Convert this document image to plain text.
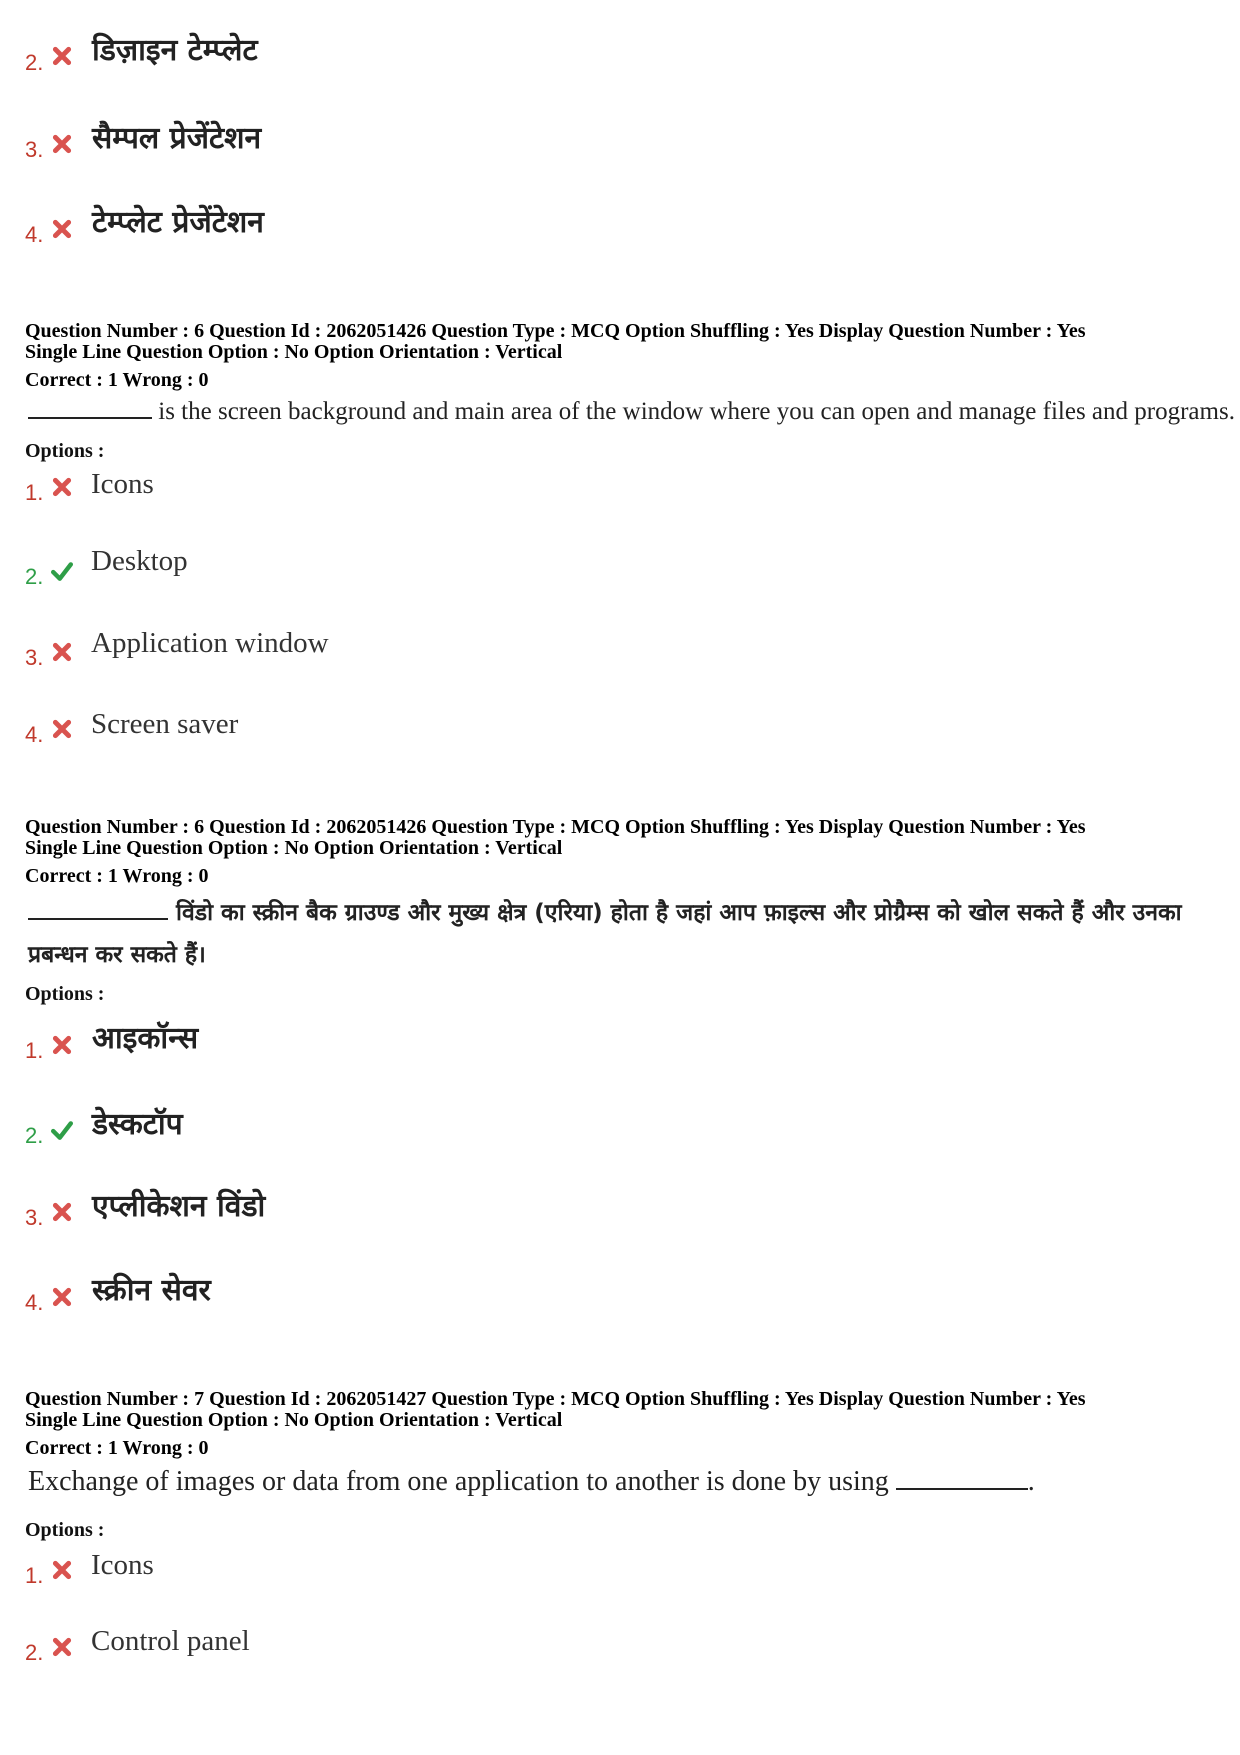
2. डिज़ाइन टेम्प्लेट
3. सैम्पल प्रेजेंटेशन
4. टेम्प्लेट प्रेजेंटेशन
Question Number : 6 Question Id : 2062051426 Question Type : MCQ Option Shuffling : Yes Display Question Number : Yes
Single Line Question Option : No Option Orientation : Vertical
Correct : 1 Wrong : 0
is the screen background and main area of the window where you can open and manage files and programs.
Options :
1. Icons
2. Desktop
3. Application window
4. Screen saver
Question Number : 6 Question Id : 2062051426 Question Type : MCQ Option Shuffling : Yes Display Question Number : Yes
Single Line Question Option : No Option Orientation : Vertical
Correct : 1 Wrong : 0
विंडो का स्क्रीन बैक ग्राउण्ड और मुख्य क्षेत्र (एरिया) होता है जहां आप फ़ाइल्स और प्रोग्रैम्स को खोल सकते हैं और उनका प्रबन्धन कर सकते हैं।
Options :
1. आइकॉन्स
2. डेस्कटॉप
3. एप्लीकेशन विंडो
4. स्क्रीन सेवर
Question Number : 7 Question Id : 2062051427 Question Type : MCQ Option Shuffling : Yes Display Question Number : Yes
Single Line Question Option : No Option Orientation : Vertical
Correct : 1 Wrong : 0
Exchange of images or data from one application to another is done by using	.
Options :
1. Icons
2. Control panel
